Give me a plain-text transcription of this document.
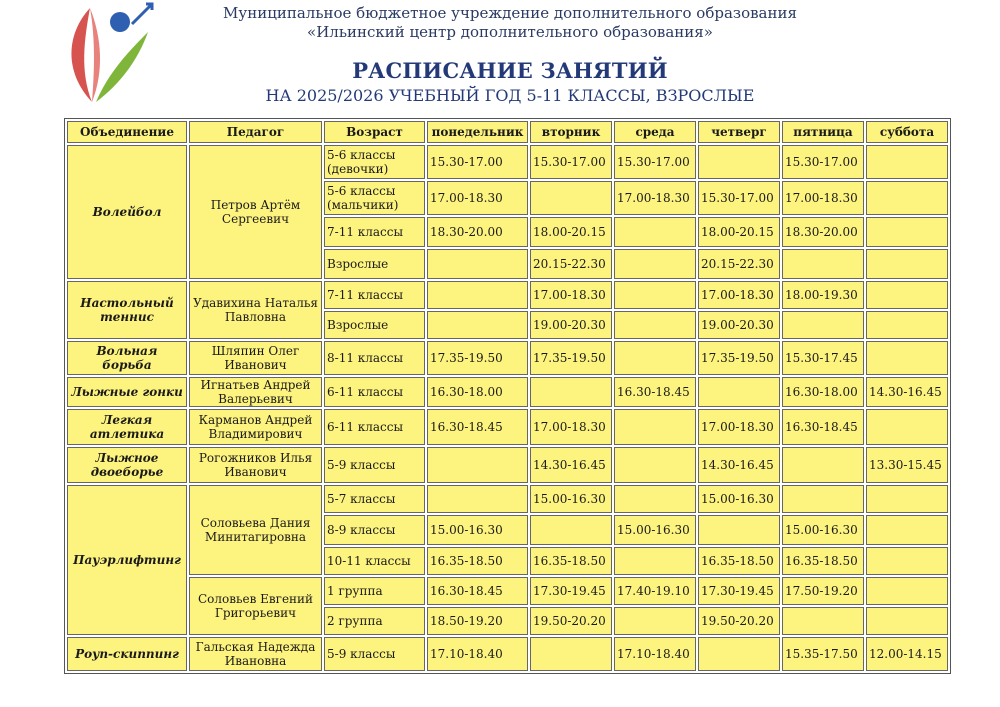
Муниципальное бюджетное учреждение дополнительного образования
«Ильинский центр дополнительного образования»
РАСПИСАНИЕ ЗАНЯТИЙ
НА 2025/2026 УЧЕБНЫЙ ГОД 5-11 КЛАССЫ, ВЗРОСЛЫЕ
Объединение	Педагог	Возраст	понедельник	вторник	среда	четверг	пятница	суббота
Волейбол	Петров Артём Сергеевич	5-6 классы (девочки)	15.30-17.00	15.30-17.00	15.30-17.00		15.30-17.00	
		5-6 классы (мальчики)	17.00-18.30		17.00-18.30	15.30-17.00	17.00-18.30	
		7-11 классы	18.30-20.00	18.00-20.15		18.00-20.15	18.30-20.00	
		Взрослые		20.15-22.30		20.15-22.30		
Настольный теннис	Удавихина Наталья Павловна	7-11 классы		17.00-18.30		17.00-18.30	18.00-19.30	
		Взрослые		19.00-20.30		19.00-20.30		
Вольная борьба	Шляпин Олег Иванович	8-11 классы	17.35-19.50	17.35-19.50		17.35-19.50	15.30-17.45	
Лыжные гонки	Игнатьев Андрей Валерьевич	6-11 классы	16.30-18.00		16.30-18.45		16.30-18.00	14.30-16.45
Легкая атлетика	Карманов Андрей Владимирович	6-11 классы	16.30-18.45	17.00-18.30		17.00-18.30	16.30-18.45	
Лыжное двоеборье	Рогожников Илья Иванович	5-9 классы		14.30-16.45		14.30-16.45		13.30-15.45
Пауэрлифтинг	Соловьева Дания Минитагировна	5-7 классы		15.00-16.30		15.00-16.30		
		8-9 классы	15.00-16.30		15.00-16.30		15.00-16.30	
		10-11 классы	16.35-18.50	16.35-18.50		16.35-18.50	16.35-18.50	
	Соловьев Евгений Григорьевич	1 группа	16.30-18.45	17.30-19.45	17.40-19.10	17.30-19.45	17.50-19.20	
		2 группа	18.50-19.20	19.50-20.20		19.50-20.20		
Роуп-скиппинг	Гальская Надежда Ивановна	5-9 классы	17.10-18.40		17.10-18.40		15.35-17.50	12.00-14.15
